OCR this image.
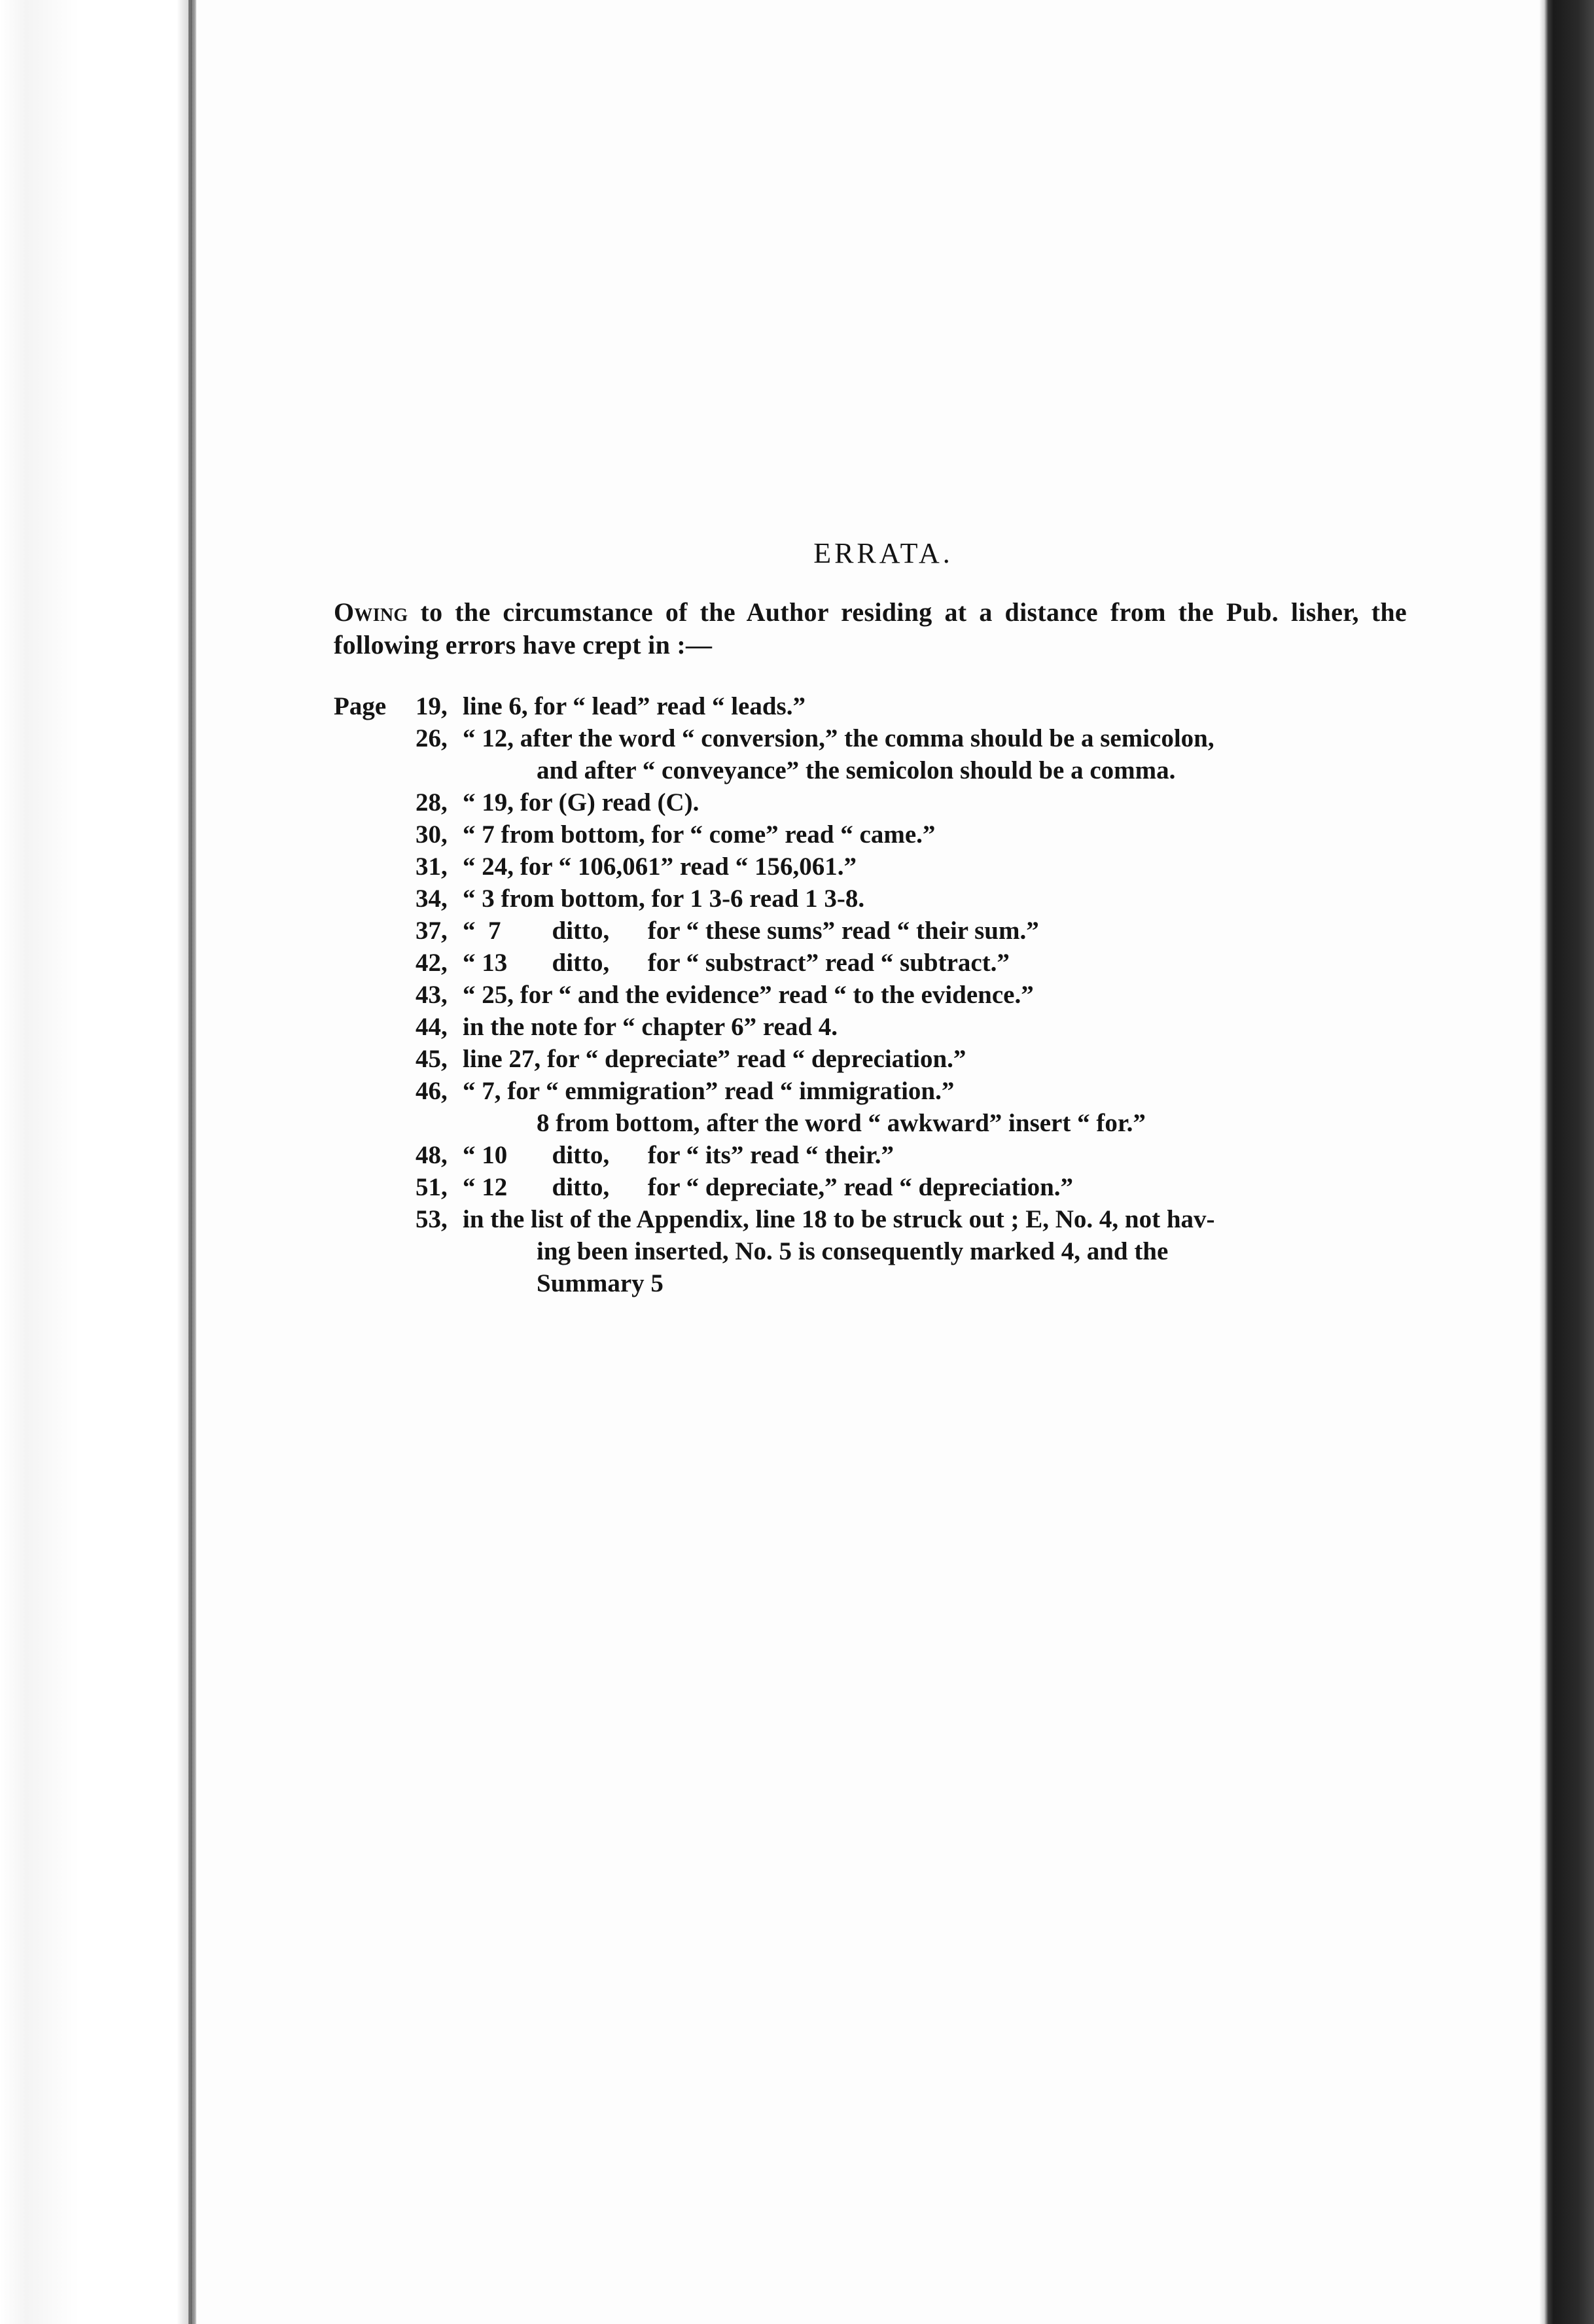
ERRATA.

Owing to the circumstance of the Author residing at a distance from the Pub. lisher, the following errors have crept in :—

Page	19, line 6, for “ lead” read “ leads.”
26, “ 12, after the word “ conversion,” the comma should be a semicolon,
and after “ conveyance” the semicolon should be a comma.
28, “ 19, for (G) read (C).
30, “ 7 from bottom, for “ come” read “ came.”
31, “ 24, for “ 106,061” read “ 156,061.”
34, “ 3 from bottom, for 1 3-6 read 1 3-8.
37, “  7        ditto,      for “ these sums” read “ their sum.”
42, “ 13       ditto,      for “ substract” read “ subtract.”
43, “ 25, for “ and the evidence” read “ to the evidence.”
44, in the note for “ chapter 6” read 4.
45, line 27, for “ depreciate” read “ depreciation.”
46, “ 7, for “ emmigration” read “ immigration.”
8 from bottom, after the word “ awkward” insert “ for.”
48, “ 10       ditto,      for “ its” read “ their.”
51, “ 12       ditto,      for “ depreciate,” read “ depreciation.”
53, in the list of the Appendix, line 18 to be struck out ; E, No. 4, not hav-
ing been inserted, No. 5 is consequently marked 4, and the
Summary 5
